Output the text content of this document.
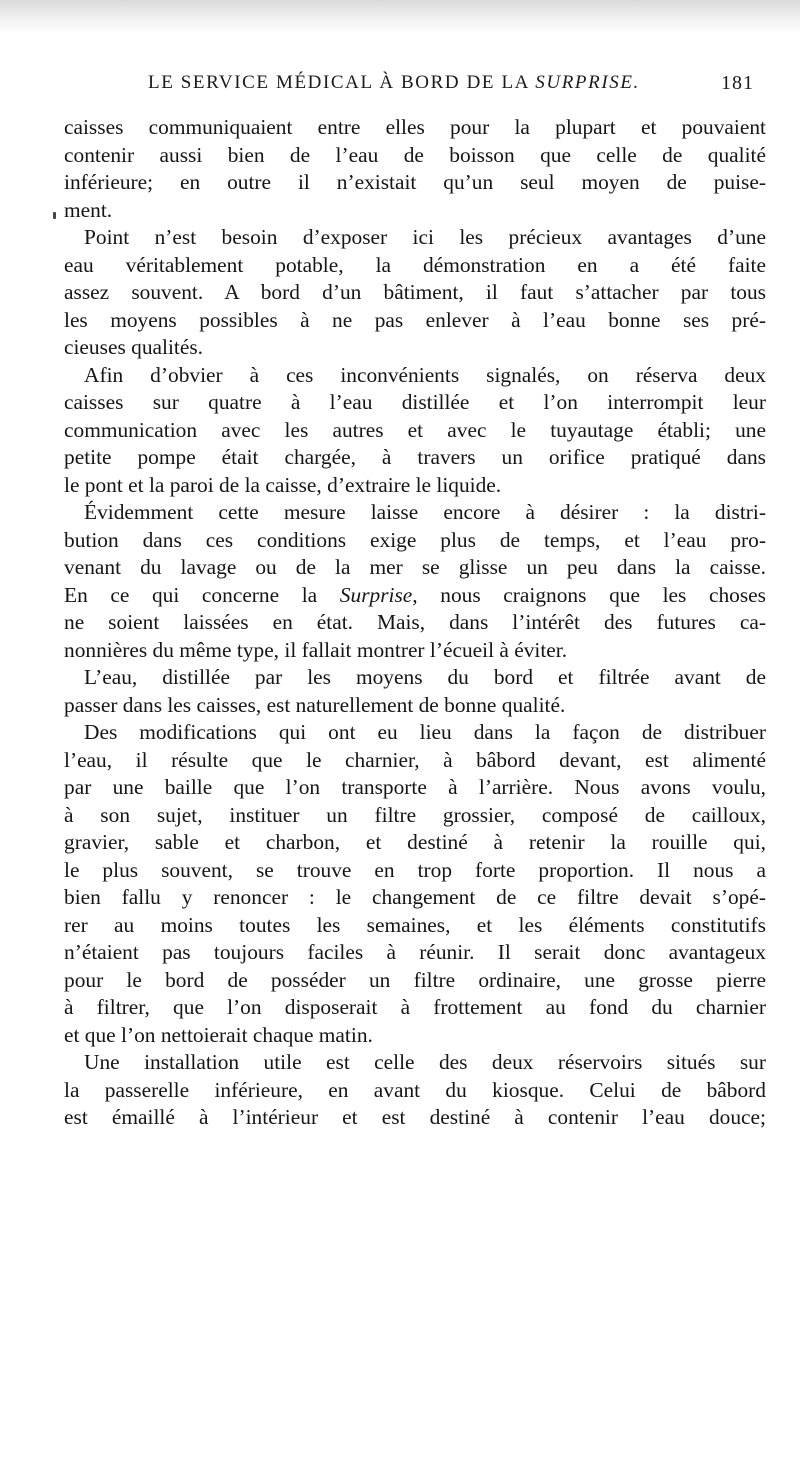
LE SERVICE MÉDICAL À BORD DE LA SURPRISE.	181
caisses communiquaient entre elles pour la plupart et pouvaient
contenir aussi bien de l’eau de boisson que celle de qualité
inférieure; en outre il n’existait qu’un seul moyen de puise-
ment.
Point n’est besoin d’exposer ici les précieux avantages d’une
eau véritablement potable, la démonstration en a été faite
assez souvent. A bord d’un bâtiment, il faut s’attacher par tous
les moyens possibles à ne pas enlever à l’eau bonne ses pré-
cieuses qualités.
Afin d’obvier à ces inconvénients signalés, on réserva deux
caisses sur quatre à l’eau distillée et l’on interrompit leur
communication avec les autres et avec le tuyautage établi; une
petite pompe était chargée, à travers un orifice pratiqué dans
le pont et la paroi de la caisse, d’extraire le liquide.
Évidemment cette mesure laisse encore à désirer : la distri-
bution dans ces conditions exige plus de temps, et l’eau pro-
venant du lavage ou de la mer se glisse un peu dans la caisse.
En ce qui concerne la Surprise, nous craignons que les choses
ne soient laissées en état. Mais, dans l’intérêt des futures ca-
nonnières du même type, il fallait montrer l’écueil à éviter.
L’eau, distillée par les moyens du bord et filtrée avant de
passer dans les caisses, est naturellement de bonne qualité.
Des modifications qui ont eu lieu dans la façon de distribuer
l’eau, il résulte que le charnier, à bâbord devant, est alimenté
par une baille que l’on transporte à l’arrière. Nous avons voulu,
à son sujet, instituer un filtre grossier, composé de cailloux,
gravier, sable et charbon, et destiné à retenir la rouille qui,
le plus souvent, se trouve en trop forte proportion. Il nous a
bien fallu y renoncer : le changement de ce filtre devait s’opé-
rer au moins toutes les semaines, et les éléments constitutifs
n’étaient pas toujours faciles à réunir. Il serait donc avantageux
pour le bord de posséder un filtre ordinaire, une grosse pierre
à filtrer, que l’on disposerait à frottement au fond du charnier
et que l’on nettoierait chaque matin.
Une installation utile est celle des deux réservoirs situés sur
la passerelle inférieure, en avant du kiosque. Celui de bâbord
est émaillé à l’intérieur et est destiné à contenir l’eau douce;
